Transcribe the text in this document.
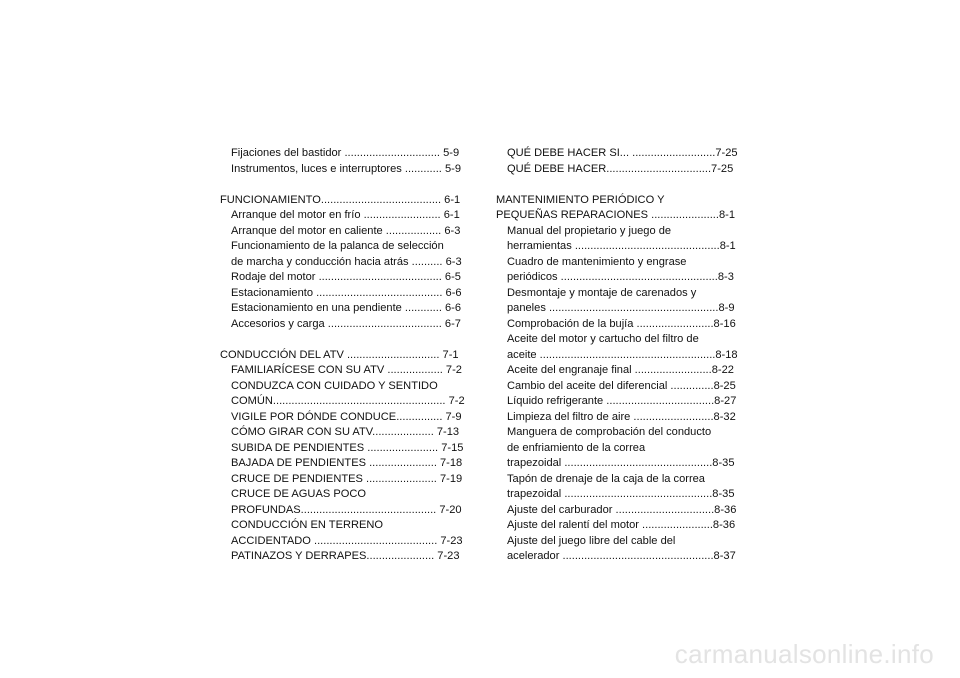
Fijaciones del bastidor ............................... 5-9
Instrumentos, luces e interruptores ............ 5-9
FUNCIONAMIENTO....................................... 6-1
Arranque del motor en frío ......................... 6-1
Arranque del motor en caliente .................. 6-3
Funcionamiento de la palanca de selección
de marcha y conducción hacia atrás .......... 6-3
Rodaje del motor ........................................ 6-5
Estacionamiento ......................................... 6-6
Estacionamiento en una pendiente ............ 6-6
Accesorios y carga ..................................... 6-7
CONDUCCIÓN DEL ATV .............................. 7-1
FAMILIARÍCESE CON SU ATV .................. 7-2
CONDUZCA CON CUIDADO Y SENTIDO
COMÚN........................................................ 7-2
VIGILE POR DÓNDE CONDUCE............... 7-9
CÓMO GIRAR CON SU ATV.................... 7-13
SUBIDA DE PENDIENTES ....................... 7-15
BAJADA DE PENDIENTES ...................... 7-18
CRUCE DE PENDIENTES ....................... 7-19
CRUCE DE AGUAS POCO
PROFUNDAS............................................ 7-20
CONDUCCIÓN EN TERRENO
ACCIDENTADO ........................................ 7-23
PATINAZOS Y DERRAPES...................... 7-23
QUÉ DEBE HACER SI... ...........................7-25
QUÉ DEBE HACER..................................7-25
MANTENIMIENTO PERIÓDICO Y
PEQUEÑAS REPARACIONES ......................8-1
Manual del propietario y juego de
herramientas ...............................................8-1
Cuadro de mantenimiento y engrase
periódicos ...................................................8-3
Desmontaje y montaje de carenados y
paneles .......................................................8-9
Comprobación de la bujía .........................8-16
Aceite del motor y cartucho del filtro de
aceite .........................................................8-18
Aceite del engranaje final .........................8-22
Cambio del aceite del diferencial ..............8-25
Líquido refrigerante ...................................8-27
Limpieza del filtro de aire ..........................8-32
Manguera de comprobación del conducto
de enfriamiento de la correa
trapezoidal ................................................8-35
Tapón de drenaje de la caja de la correa
trapezoidal ................................................8-35
Ajuste del carburador ................................8-36
Ajuste del ralentí del motor .......................8-36
Ajuste del juego libre del cable del
acelerador .................................................8-37
carmanualsonline.info
